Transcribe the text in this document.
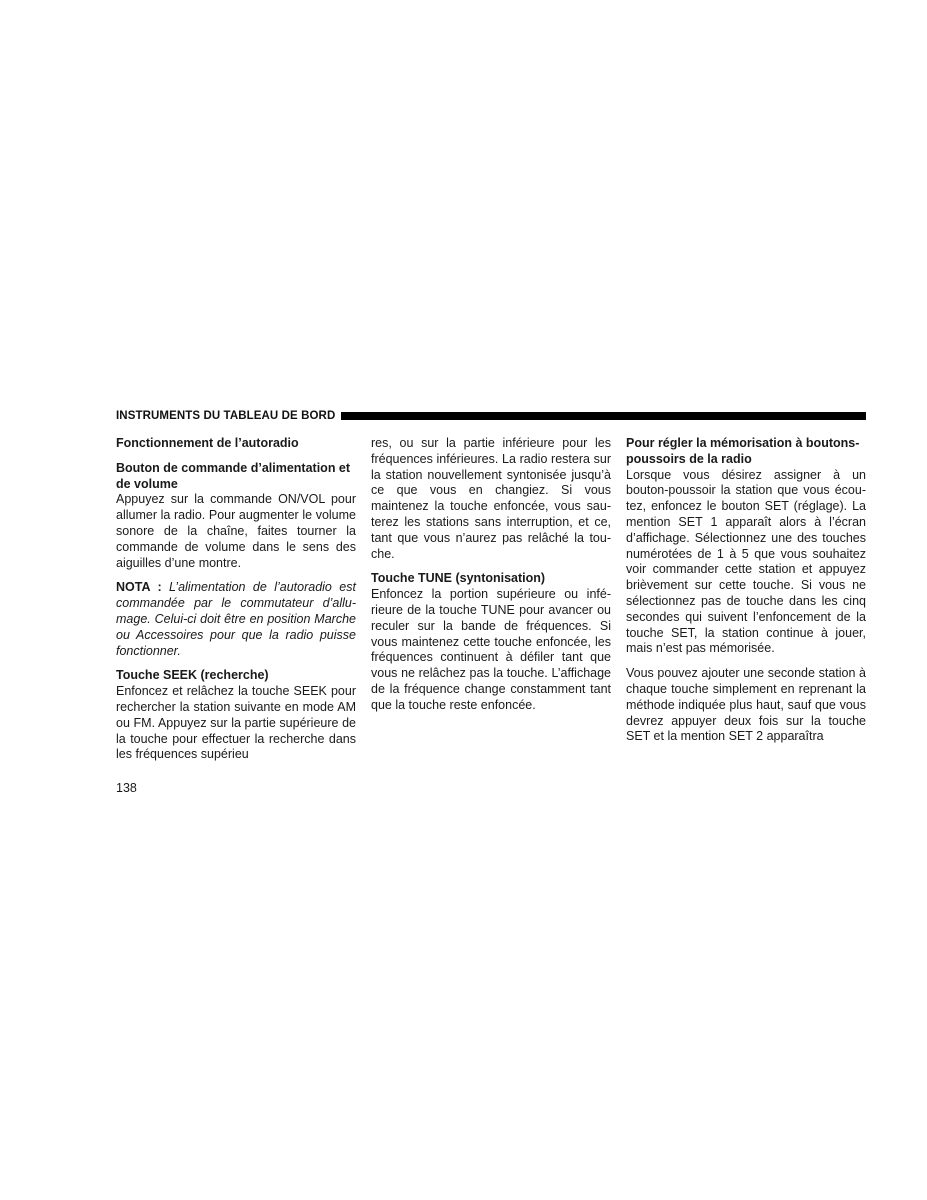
INSTRUMENTS DU TABLEAU DE BORD

Fonctionnement de l’autoradio

Bouton de commande d’alimentation et de volume

Appuyez sur la commande ON/VOL pour allumer la radio. Pour augmenter le volume sonore de la chaîne, faites tourner la commande de volume dans le sens des aiguilles d’une montre.

NOTA : L’alimentation de l’autoradio est commandée par le commutateur d’allumage. Celui-ci doit être en position Marche ou Accessoires pour que la radio puisse fonctionner.

Touche SEEK (recherche)

Enfoncez et relâchez la touche SEEK pour rechercher la station suivante en mode AM ou FM. Appuyez sur la partie supérieure de la touche pour effectuer la recherche dans les fréquences supérieu

res, ou sur la partie inférieure pour les fréquences inférieures. La radio restera sur la station nouvellement syntonisée jusqu’à ce que vous en changiez. Si vous maintenez la touche enfoncée, vous sauterez les stations sans interruption, et ce, tant que vous n’aurez pas relâché la touche.

Touche TUNE (syntonisation)

Enfoncez la portion supérieure ou inférieure de la touche TUNE pour avancer ou reculer sur la bande de fréquences. Si vous maintenez cette touche enfoncée, les fréquences continuent à défiler tant que vous ne relâchez pas la touche. L’affichage de la fréquence change constamment tant que la touche reste enfoncée.

Pour régler la mémorisation à boutons-poussoirs de la radio

Lorsque vous désirez assigner à un bouton-poussoir la station que vous écoutez, enfoncez le bouton SET (réglage). La mention SET 1 apparaît alors à l’écran d’affichage. Sélectionnez une des touches numérotées de 1 à 5 que vous souhaitez voir commander cette station et appuyez brièvement sur cette touche. Si vous ne sélectionnez pas de touche dans les cinq secondes qui suivent l’enfoncement de la touche SET, la station continue à jouer, mais n’est pas mémorisée.

Vous pouvez ajouter une seconde station à chaque touche simplement en reprenant la méthode indiquée plus haut, sauf que vous devrez appuyer deux fois sur la touche SET et la mention SET 2 apparaîtra

138
